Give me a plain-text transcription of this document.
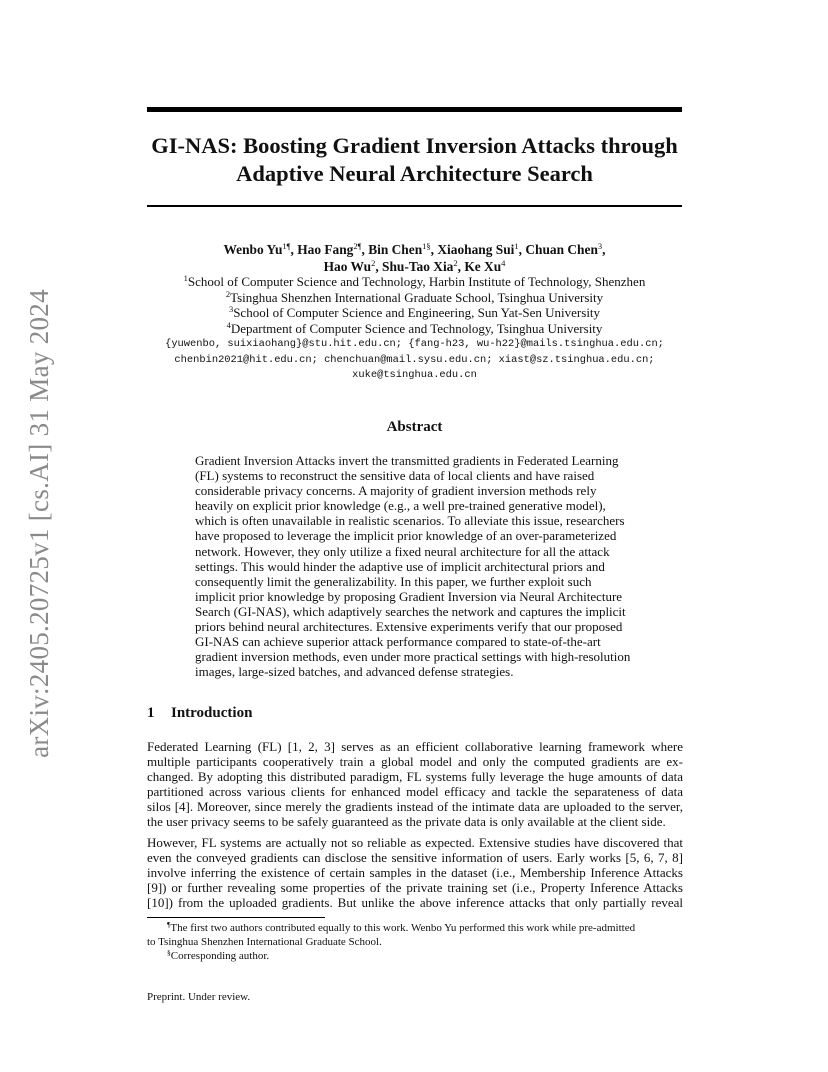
arXiv:2405.20725v1 [cs.AI] 31 May 2024
GI-NAS: Boosting Gradient Inversion Attacks through
Adaptive Neural Architecture Search
Wenbo $Yu^{1\P}$, Hao Fang$^{2\P}$, Bin Chen$^{1\S}$, Xiaohang Sui$^1$, Chuan Chen$^3$,
Hao Wu$^2$, Shu-Tao Xia$^2$, Ke Xu$^4$
$^1$School of Computer Science and Technology, Harbin Institute of Technology, Shenzhen
$^2$Tsinghua Shenzhen International Graduate School, Tsinghua University
$^3$School of Computer Science and Engineering, Sun Yat-Sen University
$^4$Department of Computer Science and Technology, Tsinghua University
{yuwenbo, suixiaohang}@stu.hit.edu.cn; {fang-h23, wu-h22}@mails.tsinghua.edu.cn;
chenbin2021@hit.edu.cn; chenchuan@mail.sysu.edu.cn; xiast@sz.tsinghua.edu.cn;
xuke@tsinghua.edu.cn
Abstract
Gradient Inversion Attacks invert the transmitted gradients in Federated Learning
(FL) systems to reconstruct the sensitive data of local clients and have raised
considerable privacy concerns. A majority of gradient inversion methods rely
heavily on explicit prior knowledge (e.g., a well pre-trained generative model),
which is often unavailable in realistic scenarios. To alleviate this issue, researchers
have proposed to leverage the implicit prior knowledge of an over-parameterized
network. However, they only utilize a fixed neural architecture for all the attack
settings. This would hinder the adaptive use of implicit architectural priors and
consequently limit the generalizability. In this paper, we further exploit such
implicit prior knowledge by proposing Gradient Inversion via Neural Architecture
Search (GI-NAS), which adaptively searches the network and captures the implicit
priors behind neural architectures. Extensive experiments verify that our proposed
GI-NAS can achieve superior attack performance compared to state-of-the-art
gradient inversion methods, even under more practical settings with high-resolution
images, large-sized batches, and advanced defense strategies.
1 Introduction
Federated Learning (FL) [1, 2, 3] serves as an efficient collaborative learning framework where
multiple participants cooperatively train a global model and only the computed gradients are ex-
changed. By adopting this distributed paradigm, FL systems fully leverage the huge amounts of data
partitioned across various clients for enhanced model efficacy and tackle the separateness of data
silos [4]. Moreover, since merely the gradients instead of the intimate data are uploaded to the server,
the user privacy seems to be safely guaranteed as the private data is only available at the client side.
However, FL systems are actually not so reliable as expected. Extensive studies have discovered that
even the conveyed gradients can disclose the sensitive information of users. Early works [5, 6, 7, 8]
involve inferring the existence of certain samples in the dataset (i.e., Membership Inference Attacks
[9]) or further revealing some properties of the private training set (i.e., Property Inference Attacks
[10]) from the uploaded gradients. But unlike the above inference attacks that only partially reveal
¶The first two authors contributed equally to this work. Wenbo Yu performed this work while pre-admitted
to Tsinghua Shenzhen International Graduate School.
§Corresponding author.
Preprint. Under review.
